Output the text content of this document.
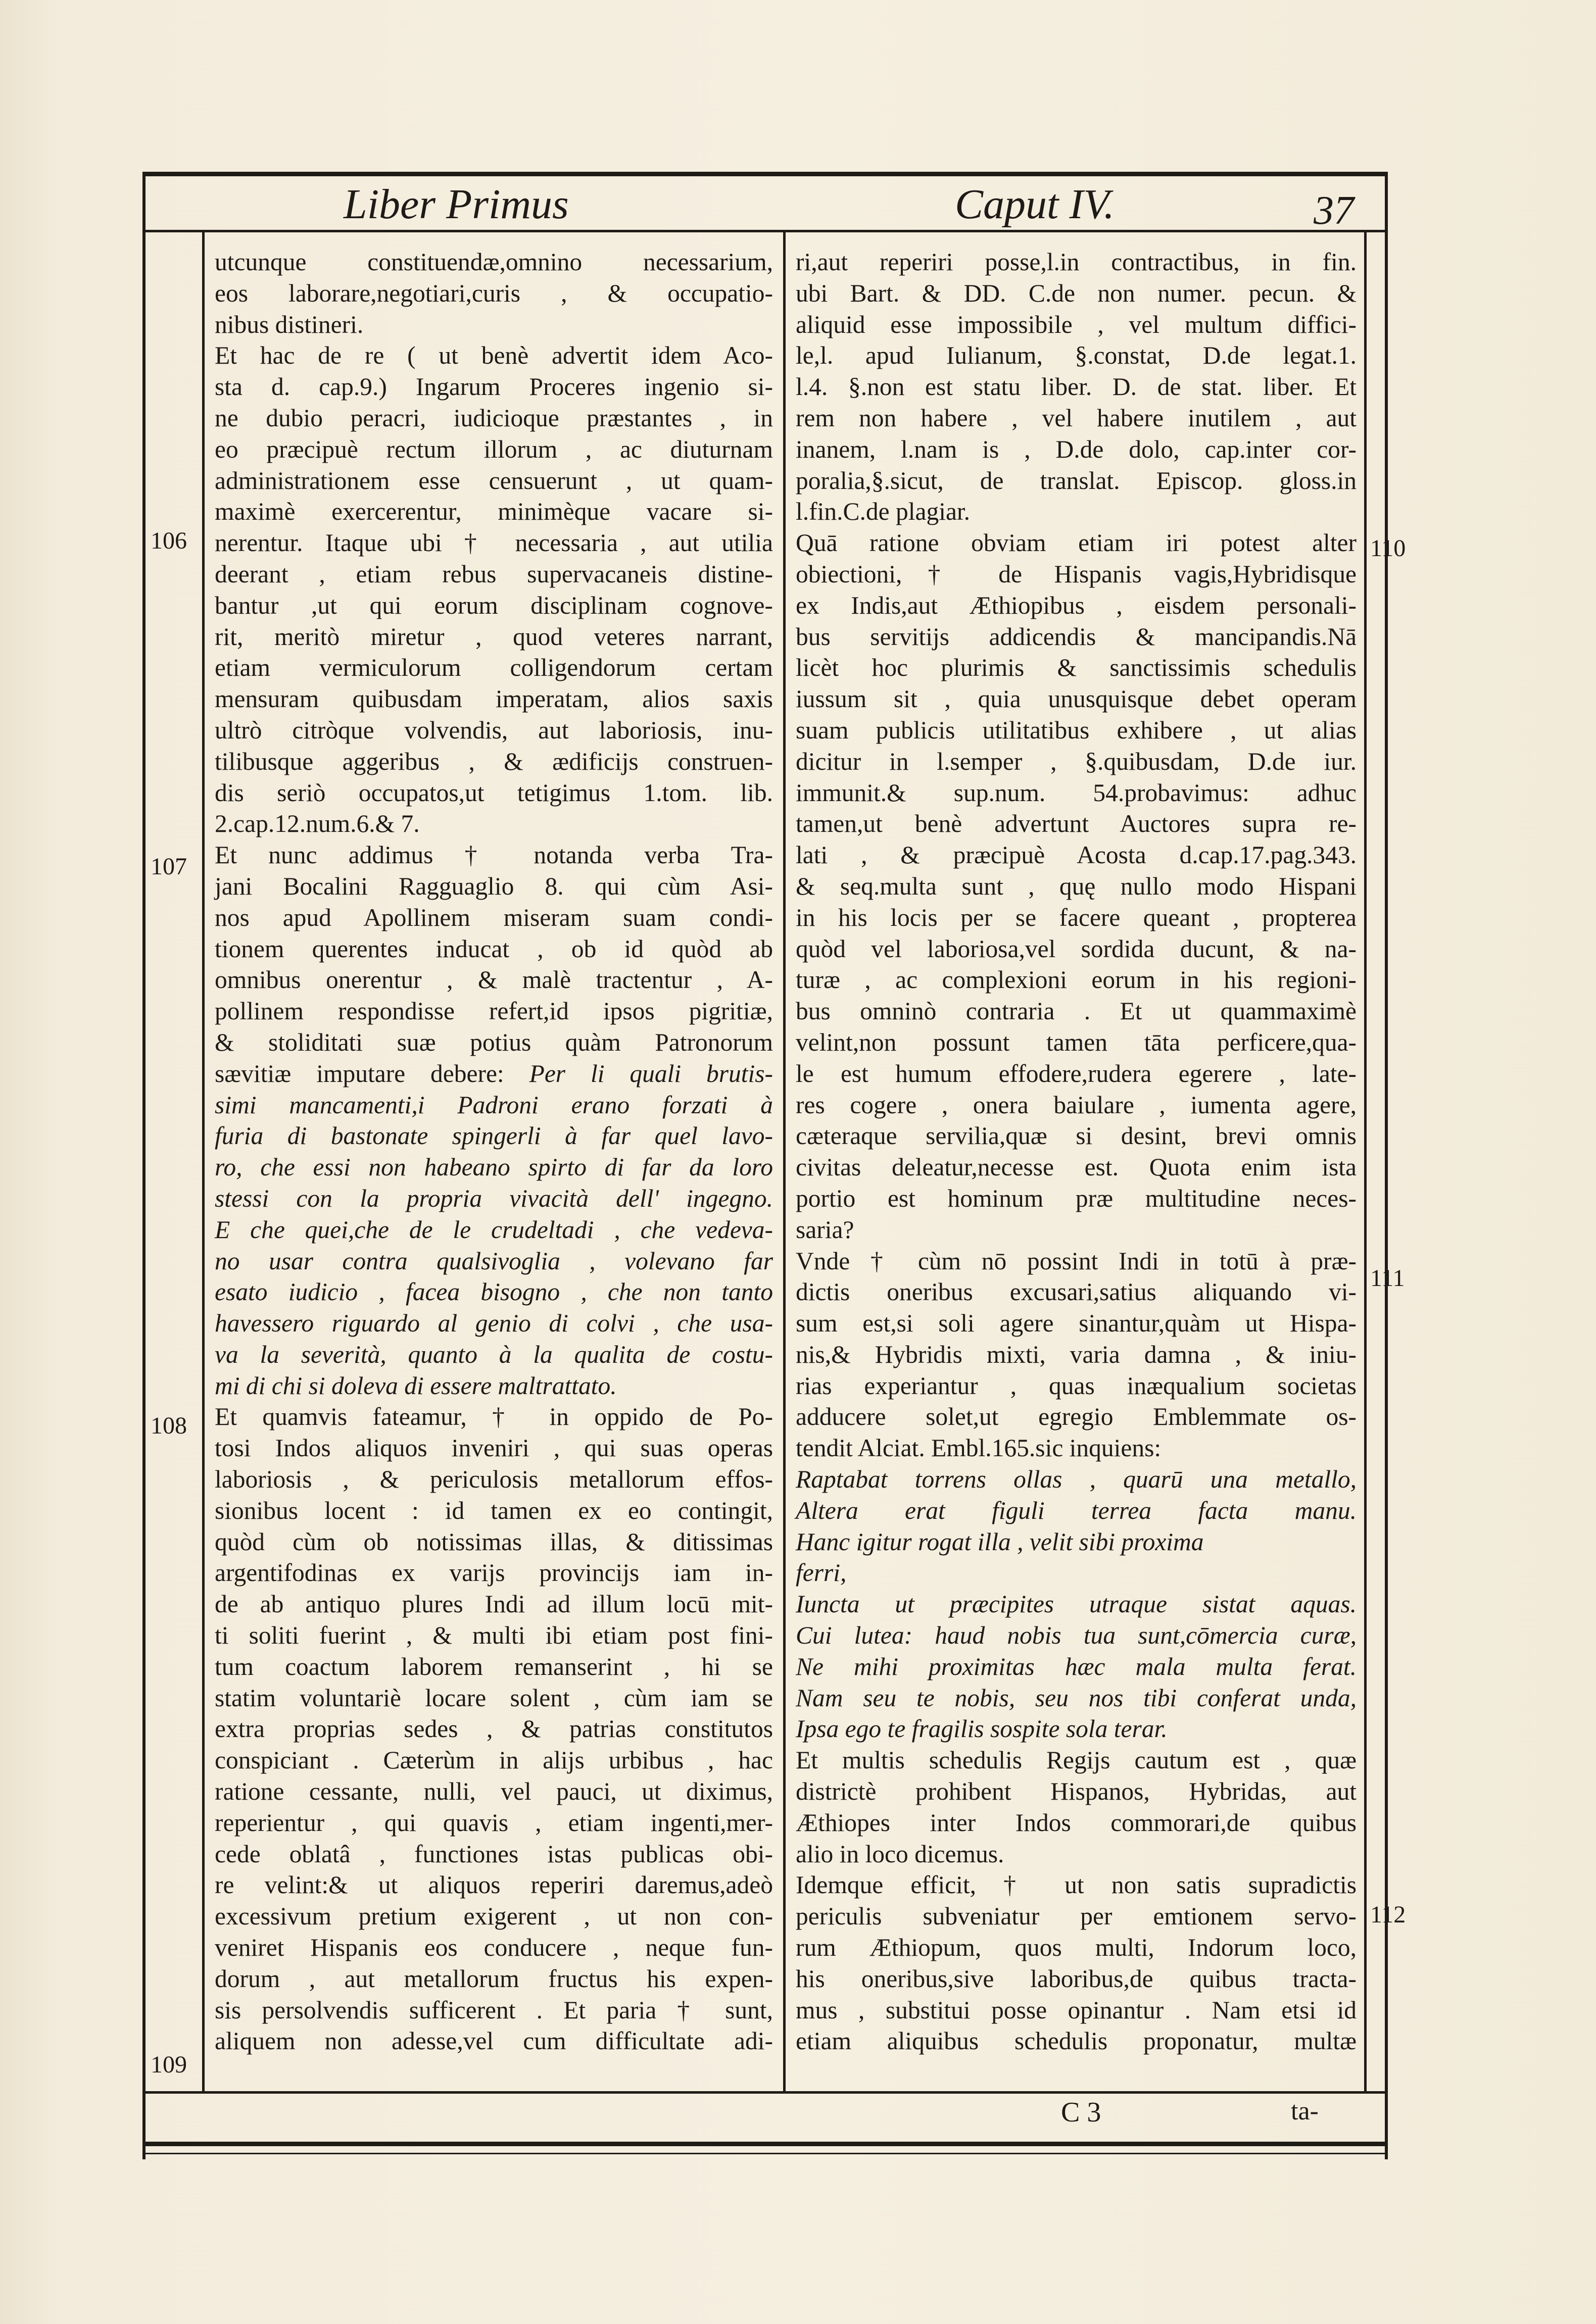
Liber Primus	Caput IV.	37
106
107
108
109
110
111
112
utcunque constituendæ,omnino necessarium,
eos laborare,negotiari,curis , & occupatio-
nibus distineri.
Et hac de re ( ut benè advertit idem Aco-
sta d. cap.9.) Ingarum Proceres ingenio si-
ne dubio peracri, iudicioque præstantes , in
eo præcipuè rectum illorum , ac diuturnam
administrationem esse censuerunt , ut quam-
maximè exercerentur, minimèque vacare si-
nerentur. Itaque ubi † necessaria , aut utilia
deerant , etiam rebus supervacaneis distine-
bantur ,ut qui eorum disciplinam cognove-
rit, meritò miretur , quod veteres narrant,
etiam vermiculorum colligendorum certam
mensuram quibusdam imperatam, alios saxis
ultrò citròque volvendis, aut laboriosis, inu-
tilibusque aggeribus , & ædificijs construen-
dis seriò occupatos,ut tetigimus 1.tom. lib.
2.cap.12.num.6.& 7.
Et nunc addimus † notanda verba Tra-
jani Bocalini Ragguaglio 8. qui cùm Asi-
nos apud Apollinem miseram suam condi-
tionem querentes inducat , ob id quòd ab
omnibus onerentur , & malè tractentur , A-
pollinem respondisse refert,id ipsos pigritiæ,
& stoliditati suæ potius quàm Patronorum
sævitiæ imputare debere: Per li quali brutis-
simi mancamenti,i Padroni erano forzati à
furia di bastonate spingerli à far quel lavo-
ro, che essi non habeano spirto di far da loro
stessi con la propria vivacità dell' ingegno.
E che quei,che de le crudeltadi , che vedeva-
no usar contra qualsivoglia , volevano far
esato iudicio , facea bisogno , che non tanto
havessero riguardo al genio di colvi , che usa-
va la severità, quanto à la qualita de costu-
mi di chi si doleva di essere maltrattato.
Et quamvis fateamur, † in oppido de Po-
tosi Indos aliquos inveniri , qui suas operas
laboriosis , & periculosis metallorum effos-
sionibus locent : id tamen ex eo contingit,
quòd cùm ob notissimas illas, & ditissimas
argentifodinas ex varijs provincijs iam in-
de ab antiquo plures Indi ad illum locū mit-
ti soliti fuerint , & multi ibi etiam post fini-
tum coactum laborem remanserint , hi se
statim voluntariè locare solent , cùm iam se
extra proprias sedes , & patrias constitutos
conspiciant . Cæterùm in alijs urbibus , hac
ratione cessante, nulli, vel pauci, ut diximus,
reperientur , qui quavis , etiam ingenti,mer-
cede oblatâ , functiones istas publicas obi-
re velint:& ut aliquos reperiri daremus,adeò
excessivum pretium exigerent , ut non con-
veniret Hispanis eos conducere , neque fun-
dorum , aut metallorum fructus his expen-
sis persolvendis sufficerent . Et paria † sunt,
aliquem non adesse,vel cum difficultate adi-
ri,aut reperiri posse,l.in contractibus, in fin.
ubi Bart. & DD. C.de non numer. pecun. &
aliquid esse impossibile , vel multum diffici-
le,l. apud Iulianum, §.constat, D.de legat.1.
l.4. §.non est statu liber. D. de stat. liber. Et
rem non habere , vel habere inutilem , aut
inanem, l.nam is , D.de dolo, cap.inter cor-
poralia,§.sicut, de translat. Episcop. gloss.in
l.fin.C.de plagiar.
Quā ratione obviam etiam iri potest alter
obiectioni,† de Hispanis vagis,Hybridisque
ex Indis,aut Æthiopibus , eisdem personali-
bus servitijs addicendis & mancipandis.Nā
licèt hoc plurimis & sanctissimis schedulis
iussum sit , quia unusquisque debet operam
suam publicis utilitatibus exhibere , ut alias
dicitur in l.semper , §.quibusdam, D.de iur.
immunit.& sup.num. 54.probavimus: adhuc
tamen,ut benè advertunt Auctores supra re-
lati , & præcipuè Acosta d.cap.17.pag.343.
& seq.multa sunt , quę nullo modo Hispani
in his locis per se facere queant , propterea
quòd vel laboriosa,vel sordida ducunt, & na-
turæ , ac complexioni eorum in his regioni-
bus omninò contraria . Et ut quammaximè
velint,non possunt tamen tāta perficere,qua-
le est humum effodere,rudera egerere , late-
res cogere , onera baiulare , iumenta agere,
cæteraque servilia,quæ si desint, brevi omnis
civitas deleatur,necesse est. Quota enim ista
portio est hominum præ multitudine neces-
saria?
Vnde † cùm nō possint Indi in totū à præ-
dictis oneribus excusari,satius aliquando vi-
sum est,si soli agere sinantur,quàm ut Hispa-
nis,& Hybridis mixti, varia damna , & iniu-
rias experiantur , quas inæqualium societas
adducere solet,ut egregio Emblemmate os-
tendit Alciat. Embl.165.sic inquiens:
Raptabat torrens ollas , quarū una metallo,
Altera erat figuli terrea facta manu.
Hanc igitur rogat illa , velit sibi proxima
ferri,
Iuncta ut præcipites utraque sistat aquas.
Cui lutea: haud nobis tua sunt,cōmercia curæ,
Ne mihi proximitas hæc mala multa ferat.
Nam seu te nobis, seu nos tibi conferat unda,
Ipsa ego te fragilis sospite sola terar.
Et multis schedulis Regijs cautum est , quæ
districtè prohibent Hispanos, Hybridas, aut
Æthiopes inter Indos commorari,de quibus
alio in loco dicemus.
Idemque efficit, † ut non satis supradictis
periculis subveniatur per emtionem servo-
rum Æthiopum, quos multi, Indorum loco,
his oneribus,sive laboribus,de quibus tracta-
mus , substitui posse opinantur . Nam etsi id
etiam aliquibus schedulis proponatur, multæ
C 3	ta-
